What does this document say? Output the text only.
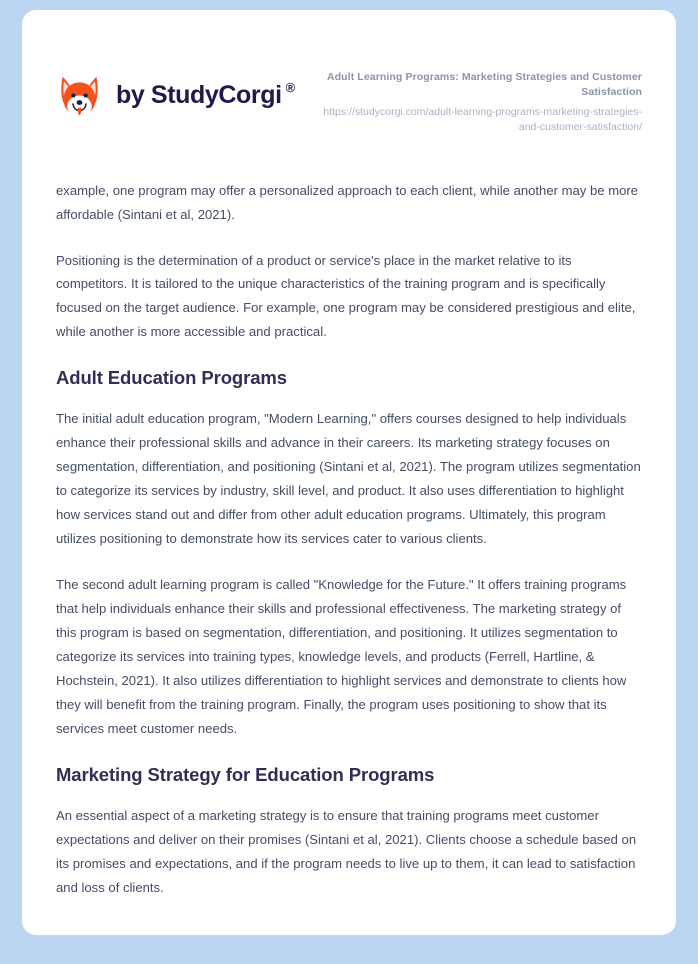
by StudyCorgi ®
Adult Learning Programs: Marketing Strategies and Customer Satisfaction
https://studycorgi.com/adult-learning-programs-marketing-strategies-and-customer-satisfaction/

example, one program may offer a personalized approach to each client, while another may be more affordable (Sintani et al, 2021).

Positioning is the determination of a product or service's place in the market relative to its competitors. It is tailored to the unique characteristics of the training program and is specifically focused on the target audience. For example, one program may be considered prestigious and elite, while another is more accessible and practical.

Adult Education Programs

The initial adult education program, "Modern Learning," offers courses designed to help individuals enhance their professional skills and advance in their careers. Its marketing strategy focuses on segmentation, differentiation, and positioning (Sintani et al, 2021). The program utilizes segmentation to categorize its services by industry, skill level, and product. It also uses differentiation to highlight how services stand out and differ from other adult education programs. Ultimately, this program utilizes positioning to demonstrate how its services cater to various clients.

The second adult learning program is called "Knowledge for the Future." It offers training programs that help individuals enhance their skills and professional effectiveness. The marketing strategy of this program is based on segmentation, differentiation, and positioning. It utilizes segmentation to categorize its services into training types, knowledge levels, and products (Ferrell, Hartline, & Hochstein, 2021). It also utilizes differentiation to highlight services and demonstrate to clients how they will benefit from the training program. Finally, the program uses positioning to show that its services meet customer needs.

Marketing Strategy for Education Programs

An essential aspect of a marketing strategy is to ensure that training programs meet customer expectations and deliver on their promises (Sintani et al, 2021). Clients choose a schedule based on its promises and expectations, and if the program needs to live up to them, it can lead to satisfaction and loss of clients.
